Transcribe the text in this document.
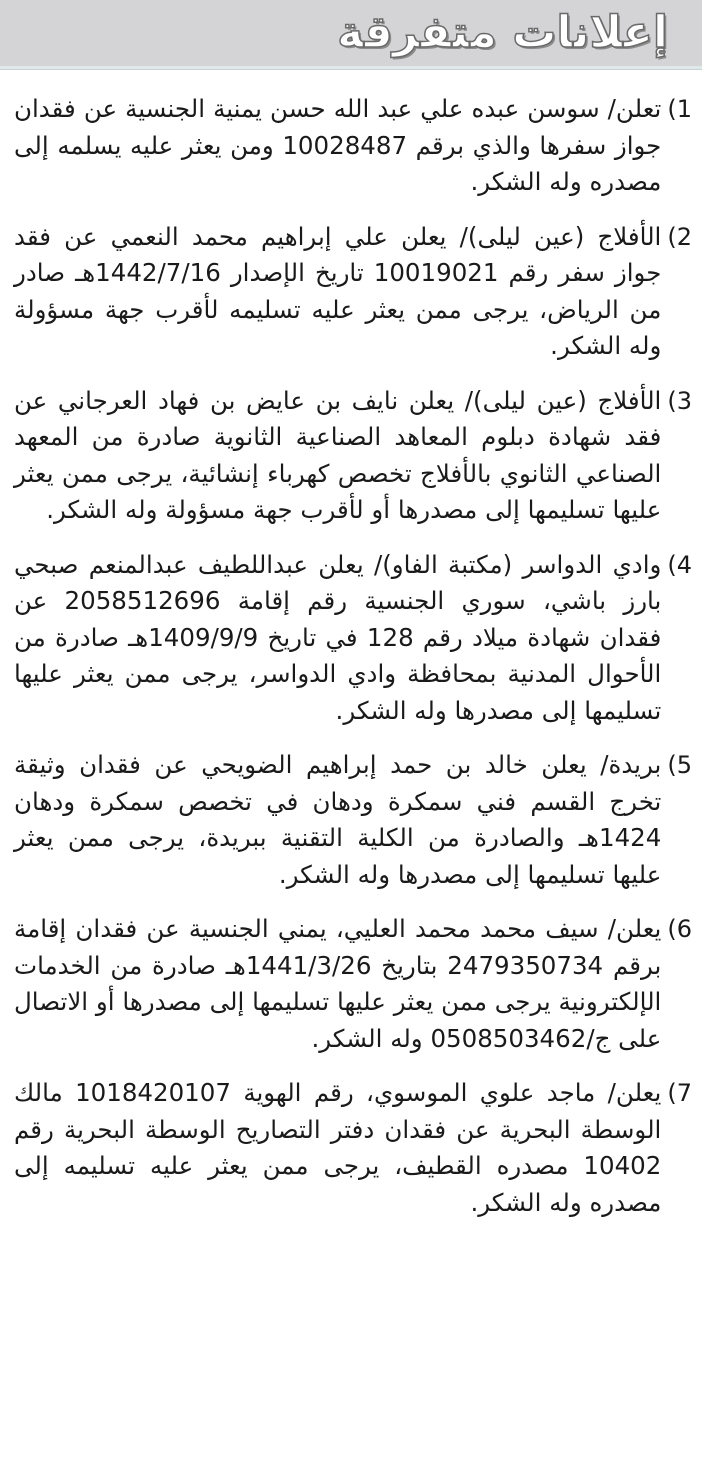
إعلانات متفرقة
1)
تعلن/ سوسن عبده علي عبد الله حسن يمنية الجنسية عن فقدان جواز سفرها والذي برقم 10028487 ومن يعثر عليه يسلمه إلى مصدره وله الشكر.
2)
الأفلاج (عين ليلى)/ يعلن علي إبراهيم محمد النعمي عن فقد جواز سفر رقم 10019021 تاريخ الإصدار 1442/7/16هـ صادر من الرياض، يرجى ممن يعثر عليه تسليمه لأقرب جهة مسؤولة وله الشكر.
3)
الأفلاج (عين ليلى)/ يعلن نايف بن عايض بن فهاد العرجاني عن فقد شهادة دبلوم المعاهد الصناعية الثانوية صادرة من المعهد الصناعي الثانوي بالأفلاج تخصص كهرباء إنشائية، يرجى ممن يعثر عليها تسليمها إلى مصدرها أو لأقرب جهة مسؤولة وله الشكر.
4)
وادي الدواسر (مكتبة الفاو)/ يعلن عبداللطيف عبدالمنعم صبحي بارز باشي، سوري الجنسية رقم إقامة 2058512696 عن فقدان شهادة ميلاد رقم 128 في تاريخ 1409/9/9هـ صادرة من الأحوال المدنية بمحافظة وادي الدواسر، يرجى ممن يعثر عليها تسليمها إلى مصدرها وله الشكر.
5)
بريدة/ يعلن خالد بن حمد إبراهيم الضويحي عن فقدان وثيقة تخرج القسم فني سمكرة ودهان في تخصص سمكرة ودهان 1424هـ والصادرة من الكلية التقنية ببريدة، يرجى ممن يعثر عليها تسليمها إلى مصدرها وله الشكر.
6)
يعلن/ سيف محمد محمد العليي، يمني الجنسية عن فقدان إقامة برقم 2479350734 بتاريخ 1441/3/26هـ صادرة من الخدمات الإلكترونية يرجى ممن يعثر عليها تسليمها إلى مصدرها أو الاتصال على ج/0508503462 وله الشكر.
7)
يعلن/ ماجد علوي الموسوي، رقم الهوية 1018420107 مالك الوسطة البحرية عن فقدان دفتر التصاريح الوسطة البحرية رقم 10402 مصدره القطيف، يرجى ممن يعثر عليه تسليمه إلى مصدره وله الشكر.
